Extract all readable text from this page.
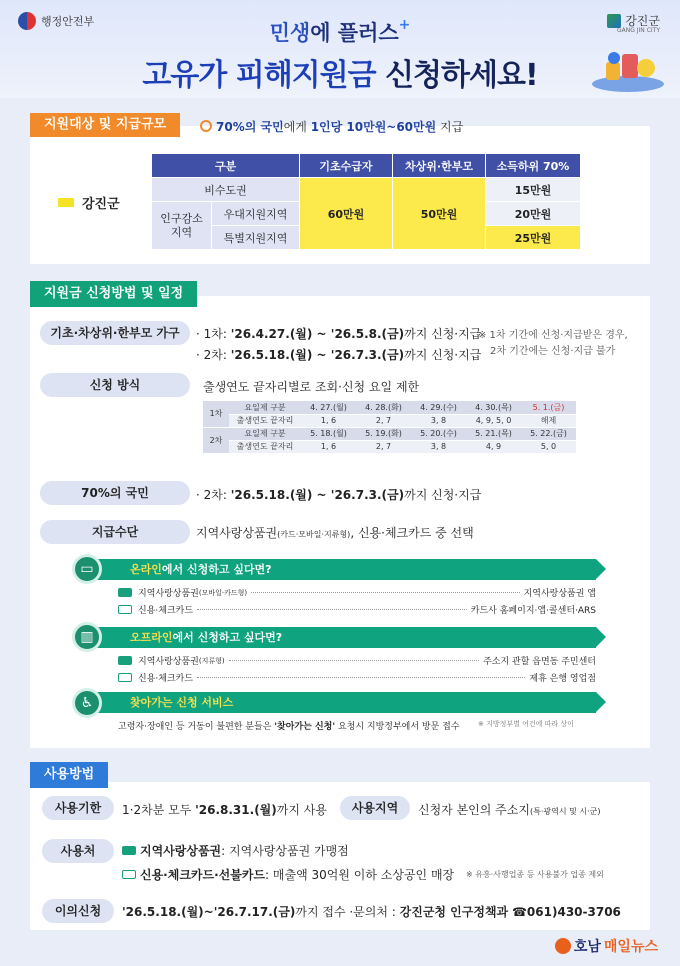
행정안전부	강진군
GANG JIN CITY
민생에 플러스+
고유가 피해지원금 신청하세요!
지원대상 및 지급규모	70%의 국민에게 1인당 10만원~60만원 지급
강진군
구분		기초수급자	차상위·한부모	소득하위 70%
비수도권		60만원	50만원	15만원
인구감소 지역	우대지원지역			20만원
	특별지원지역			25만원
지원금 신청방법 및 일정
기초·차상위·한부모 가구	· 1차: '26.4.27.(월) ~ '26.5.8.(금)까지 신청·지급
· 2차: '26.5.18.(월) ~ '26.7.3.(금)까지 신청·지급
※ 1차 기간에 신청·지급받은 경우,
2차 기간에는 신청·지급 불가
신청 방식	출생연도 끝자리별로 조회·신청 요일 제한
1차	요일제 구분	4. 27.(월)	4. 28.(화)	4. 29.(수)	4. 30.(목)	5. 1.(금)
	출생연도 끝자리	1, 6	2, 7	3, 8	4, 9, 5, 0	해제
2차	요일제 구분	5. 18.(월)	5. 19.(화)	5. 20.(수)	5. 21.(목)	5. 22.(금)
	출생연도 끝자리	1, 6	2, 7	3, 8	4, 9	5, 0
70%의 국민	· 2차: '26.5.18.(월) ~ '26.7.3.(금)까지 신청·지급
지급수단	지역사랑상품권(카드·모바일·지류형), 신용·체크카드 중 선택
온라인에서 신청하고 싶다면?
▭
지역사랑상품권 (모바일·카드형)	지역사랑상품권 앱
신용·체크카드	카드사 홈페이지·앱·콜센터·ARS
오프라인에서 신청하고 싶다면?
▥
지역사랑상품권 (지류형)	주소지 관할 읍면동 주민센터
신용·체크카드	제휴 은행 영업점
찾아가는 신청 서비스
♿
고령자·장애인 등 거동이 불편한 분들은 '찾아가는 신청' 요청시 지방정부에서 방문 접수	※ 지방정부별 여건에 따라 상이
사용방법
사용기한	1·2차분 모두 '26.8.31.(월)까지 사용	사용지역	신청자 본인의 주소지(특·광역시 및 시·군)
사용처	지역사랑상품권: 지역사랑상품권 가맹점
신용·체크카드·선불카드: 매출액 30억원 이하 소상공인 매장 ※ 유흥·사행업종 등 사용불가 업종 제외
이의신청	'26.5.18.(월)~'26.7.17.(금)까지 접수 ·문의처 : 강진군청 인구정책과 ☎061)430-3706
호남 매일뉴스
